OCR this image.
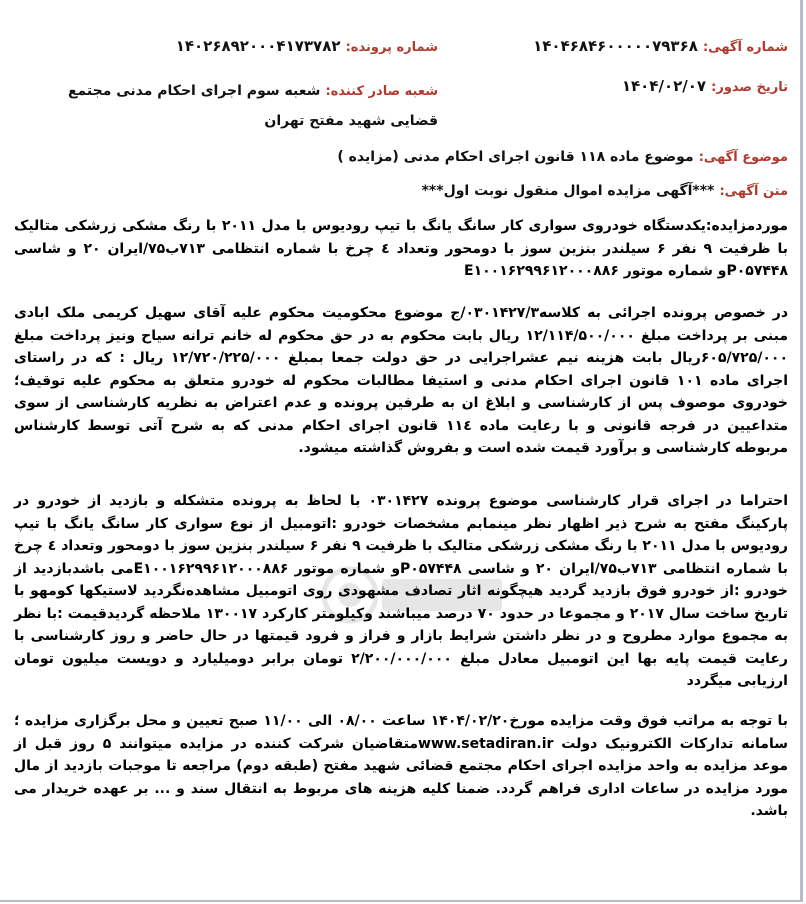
شماره آگهی: ۱۴۰۴۶۸۴۶۰۰۰۰۰۷۹۳۶۸
شماره پرونده: ۱۴۰۲۶۸۹۲۰۰۰۴۱۷۳۷۸۲
تاریخ صدور: ۱۴۰۴/۰۲/۰۷
شعبه صادر کننده: شعبه سوم اجرای احکام مدنی مجتمع قضایی شهید مفتح تهران
موضوع آگهی: موضوع ماده ۱۱۸ قانون اجرای احکام مدنی (مزایده )
متن آگهی: ***آگهی مزایده اموال منقول نوبت اول***
موردمزایده:یکدستگاه خودروی سواری کار سانگ یانگ با تیپ رودیوس با مدل ۲۰۱۱ با رنگ مشکی زرشکی متالیک با ظرفیت ۹ نفر ۶ سیلندر بنزین سوز با دومحور وتعداد ٤ چرخ با شماره انتظامی ۷۱۳ب۷۵/ایران ۲۰ و شاسی P۰۵۷۴۴۸و شماره موتور E۱۰۰۱۶۲۹۹۶۱۲۰۰۰۸۸۶
در خصوص پرونده اجرائی به کلاسه۰۳۰۱۴۲۷/۳/ج موضوع محکومیت محکوم علیه آقای سهیل کریمی ملک ابادی مبنی بر پرداخت مبلغ ۱۲/۱۱۴/۵۰۰/۰۰۰ ریال بابت محکوم به در حق محکوم له خانم ترانه سیاح ونیز پرداخت مبلغ ۶۰۵/۷۲۵/۰۰۰ریال بابت هزینه نیم عشراجرایی در حق دولت جمعا بمبلغ ۱۲/۷۲۰/۲۲۵/۰۰۰ ریال : که در راستای اجرای ماده ۱۰۱ قانون اجرای احکام مدنی و استیفا مطالبات محکوم له خودرو متعلق به محکوم علیه توقیف؛ خودروی موصوف پس از کارشناسی و ابلاغ ان به طرفین پرونده و عدم اعتراض به نظریه کارشناسی از سوی متداعیین در فرجه قانونی و با رعایت ماده ۱۱٤ قانون اجرای احکام مدنی که به شرح آتی توسط کارشناس مربوطه کارشناسی و برآورد قیمت شده است و بفروش گذاشته میشود.
احتراما در اجرای قرار کارشناسی موضوع پرونده ۰۳۰۱۴۲۷ با لحاظ به پرونده متشکله و بازدید از خودرو در پارکینگ مفتح به شرح ذیر اظهار نظر مینمابم مشخصات خودرو :اتومبیل از نوع سواری کار سانگ یانگ با تیپ رودیوس با مدل ۲۰۱۱ با رنگ مشکی زرشکی متالیک با ظرفیت ۹ نفر ۶ سیلندر بنزین سوز با دومحور وتعداد ٤ چرخ با شماره انتظامی ۷۱۳ب۷۵/ایران ۲۰ و شاسی P۰۵۷۴۴۸و شماره موتور E۱۰۰۱۶۲۹۹۶۱۲۰۰۰۸۸۶می باشدبازدید از خودرو :از خودرو فوق بازدید گردید هیچگونه اثار تصادف مشهودی روی اتومبیل مشاهده‌نگردید لاستیکها کومهو با تاریخ ساخت سال ۲۰۱۷ و مجموعا در حدود ۷۰ درصد میباشند وکیلومتر کارکرد ۱۳۰۰۱۷ ملاحظه گردیدقیمت :با نظر به مجموع موارد مطروح و در نظر داشتن شرایط بازار و فراز و فرود قیمتها در حال حاضر و روز کارشناسی با رعایت قیمت پایه بها این اتومبیل معادل مبلغ ۲/۲۰۰/۰۰۰/۰۰۰ تومان برابر دومیلیارد و دویست میلیون تومان ارزیابی میگردد
با توجه به مراتب فوق وقت مزایده مورخ۱۴۰۴/۰۲/۲۰ ساعت ۰۸/۰۰ الی ۱۱/۰۰ صبح تعیین و محل برگزاری مزایده ؛سامانه تدارکات الکترونیک دولت www.setadiran.irمتقاضیان شرکت کننده در مزایده میتوانند ۵ روز قبل از موعد مزایده به واحد مزایده اجرای احکام مجتمع قضائی شهید مفتح (طبقه دوم) مراجعه تا موجبات بازدید از مال مورد مزایده در ساعات اداری فراهم گردد. ضمنا کلیه هزینه های مربوط به انتقال سند و ... بر عهده خریدار می باشد.
